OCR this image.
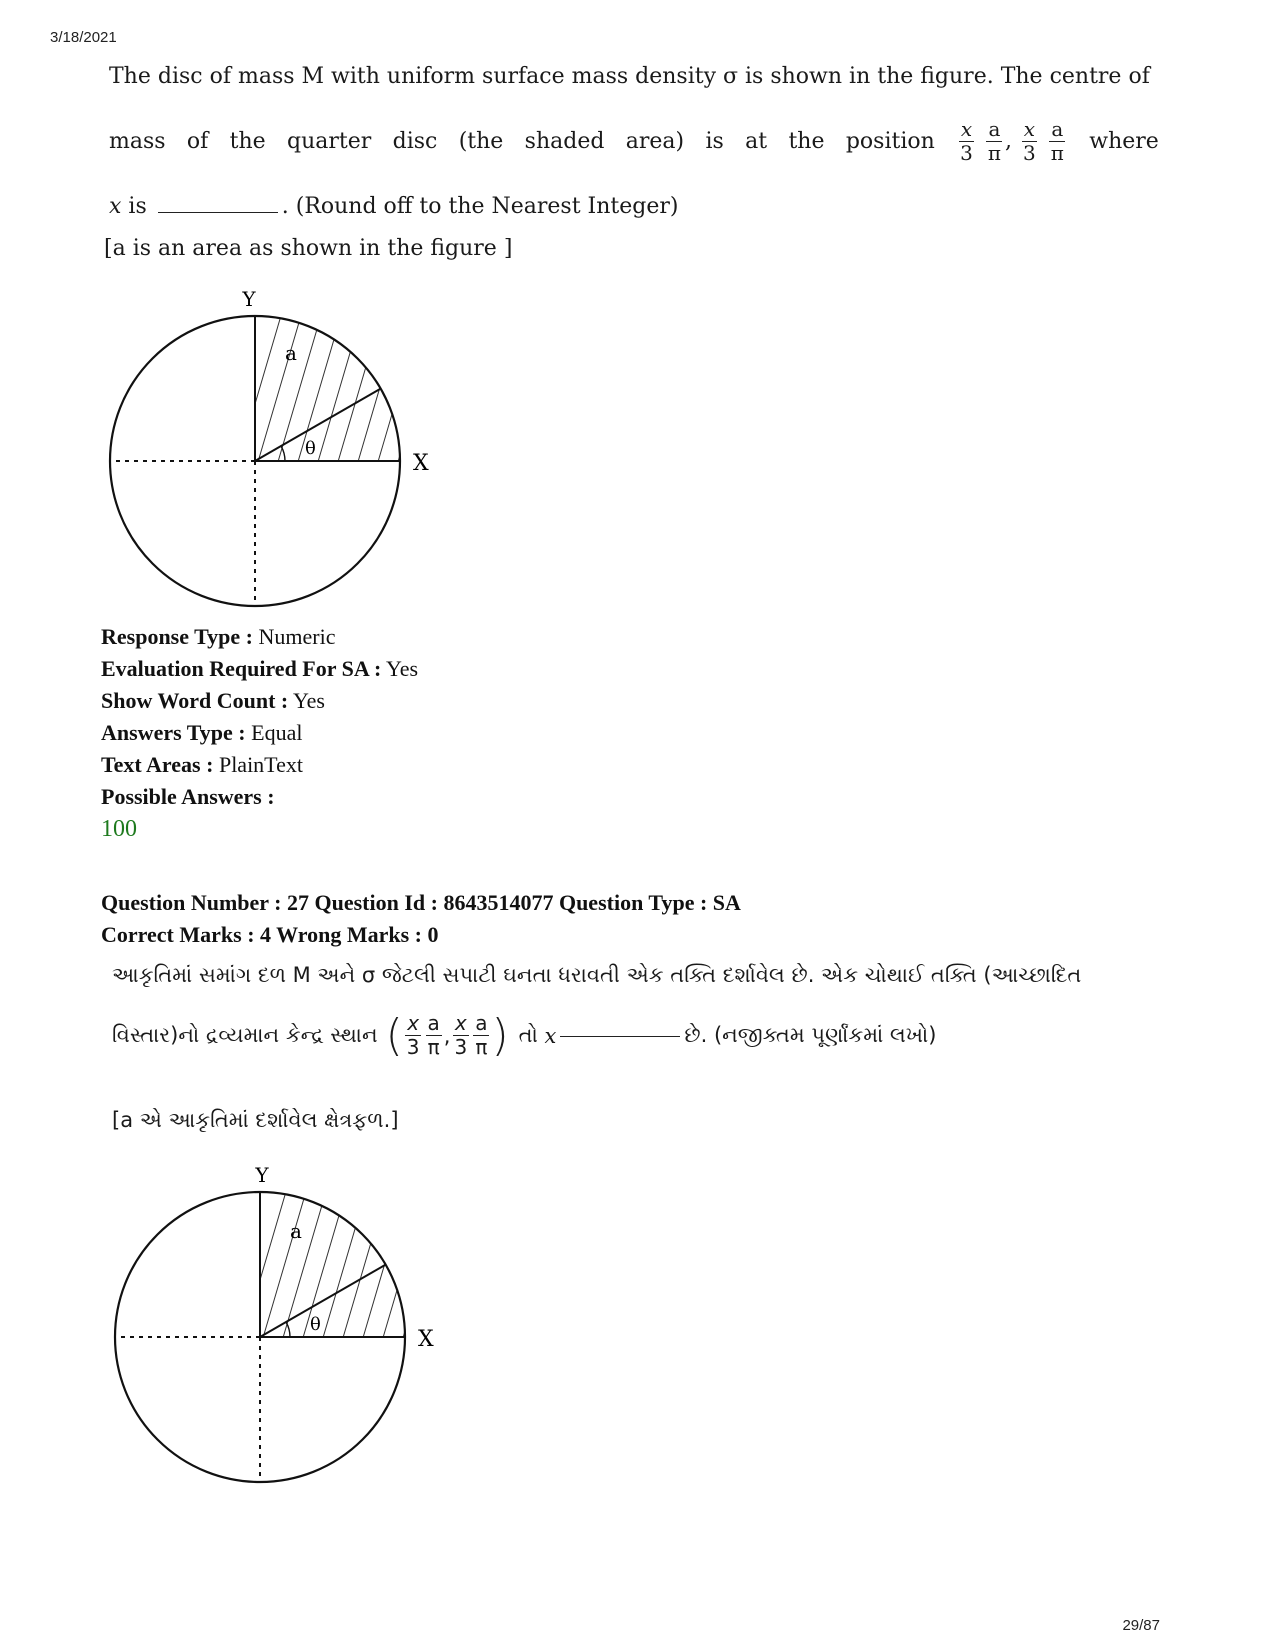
3/18/2021
The disc of mass M with uniform surface mass density σ is shown in the figure. The centre of
mass of the quarter disc (the shaded area) is at the position $\frac{x}{3}$
$\frac{a}{\pi}$ , $\frac{x}{3}$
$\frac{a}{\pi}$ where
x is	. (Round off to the Nearest Integer)
[a is an area as shown in the figure ]
Y
X
a
θ
Response Type : Numeric
Evaluation Required For SA : Yes
Show Word Count : Yes
Answers Type : Equal
Text Areas : PlainText
Possible Answers :
100
Question Number : 27 Question Id : 8643514077 Question Type : SA
Correct Marks : 4 Wrong Marks : 0
આકૃતિમાં સમાંગ દળ M અને σ જેટલી સપાટી ઘનતા ધરાવતી એક તક્તિ દર્શાવેલ છે. એક ચોથાઈ તક્તિ (આચ્છાદિત
વિસ્તાર)નો દ્રવ્યમાન કેન્દ્ર સ્થાન ( $\frac{x}{3} \frac{a}{\pi}$ , $\frac{x}{3} \frac{a}{\pi}$ ) તો
x	છે. (નજીક્તમ પૂર્ણાંકમાં લખો)
[a એ આકૃતિમાં દર્શાવેલ ક્ષેત્રફળ.]
Y
X
a
θ
29/87
